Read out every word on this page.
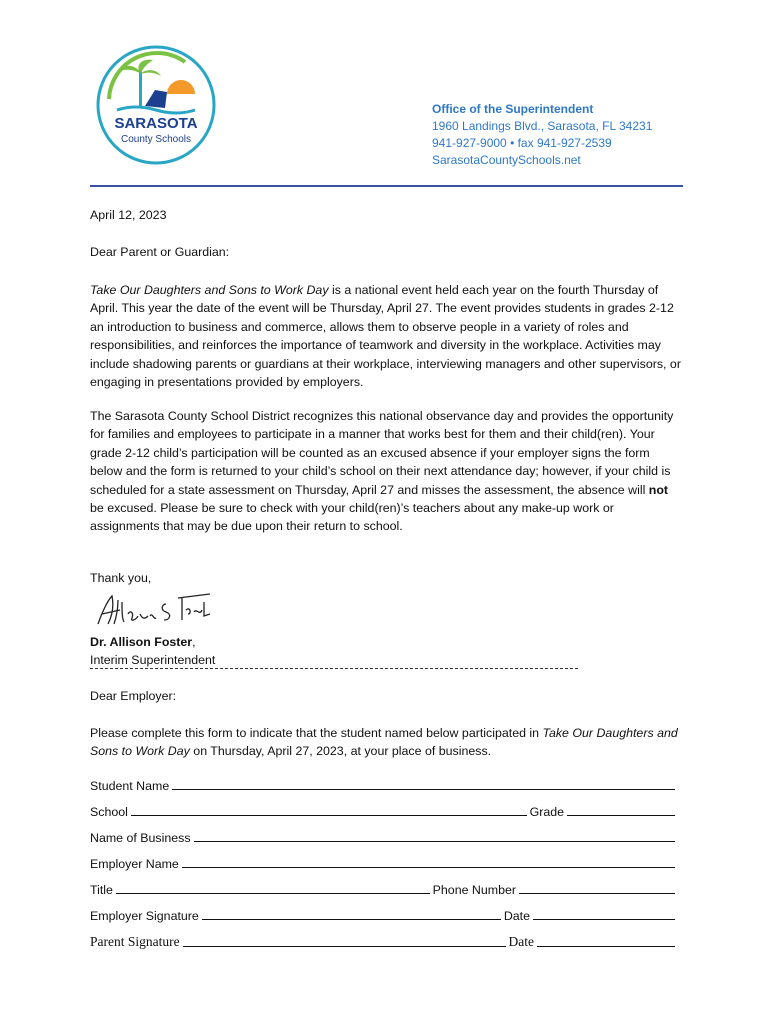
SARASOTA
County Schools
Office of the Superintendent
1960 Landings Blvd., Sarasota, FL 34231
941-927-9000 • fax 941-927-2539
SarasotaCountySchools.net
April 12, 2023
Dear Parent or Guardian:

Take Our Daughters and Sons to Work Day is a national event held each year on the fourth Thursday of April. This year the date of the event will be Thursday, April 27. The event provides students in grades 2-12 an introduction to business and commerce, allows them to observe people in a variety of roles and responsibilities, and reinforces the importance of teamwork and diversity in the workplace. Activities may include shadowing parents or guardians at their workplace, interviewing managers and other supervisors, or engaging in presentations provided by employers.

The Sarasota County School District recognizes this national observance day and provides the opportunity for families and employees to participate in a manner that works best for them and their child(ren). Your grade 2-12 child’s participation will be counted as an excused absence if your employer signs the form below and the form is returned to your child’s school on their next attendance day; however, if your child is scheduled for a state assessment on Thursday, April 27 and misses the assessment, the absence will not be excused. Please be sure to check with your child(ren)’s teachers about any make-up work or assignments that may be due upon their return to school.

Thank you,
Dr. Allison Foster,
Interim Superintendent
Dear Employer:

Please complete this form to indicate that the student named below participated in Take Our Daughters and Sons to Work Day on Thursday, April 27, 2023, at your place of business.

Student Name
School	Grade
Name of Business
Employer Name
Title	Phone Number
Employer Signature	Date
Parent Signature	Date
